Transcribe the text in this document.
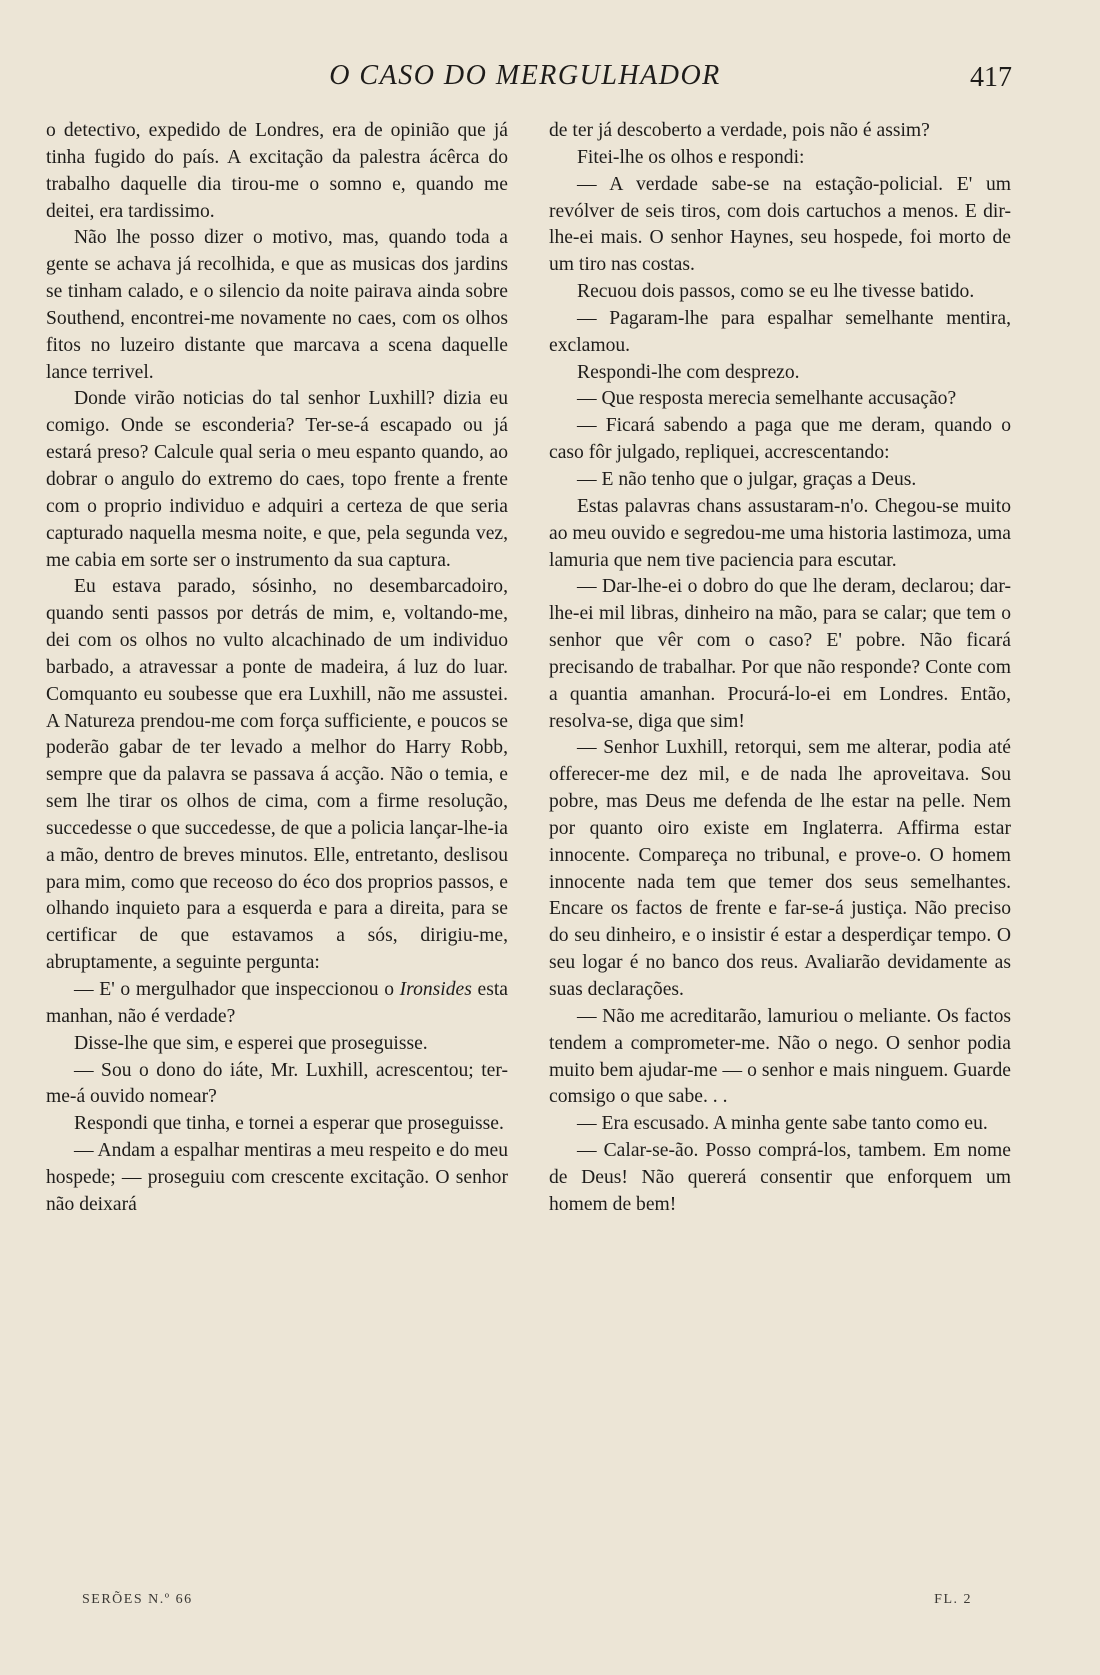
O CASO DO MERGULHADOR	417

o detectivo, expedido de Londres, era de opinião que já tinha fugido do país. A excitação da palestra ácêrca do trabalho daquelle dia tirou-me o somno e, quando me deitei, era tardissimo.

Não lhe posso dizer o motivo, mas, quando toda a gente se achava já recolhida, e que as musicas dos jardins se tinham calado, e o silencio da noite pairava ainda sobre Southend, encontrei-me novamente no caes, com os olhos fitos no luzeiro distante que marcava a scena daquelle lance terrivel.

Donde virão noticias do tal senhor Luxhill? dizia eu comigo. Onde se esconderia? Ter-se-á escapado ou já estará preso? Calcule qual seria o meu espanto quando, ao dobrar o angulo do extremo do caes, topo frente a frente com o proprio individuo e adquiri a certeza de que seria capturado naquella mesma noite, e que, pela segunda vez, me cabia em sorte ser o instrumento da sua captura.

Eu estava parado, sósinho, no desembarcadoiro, quando senti passos por detrás de mim, e, voltando-me, dei com os olhos no vulto alcachinado de um individuo barbado, a atravessar a ponte de madeira, á luz do luar. Comquanto eu soubesse que era Luxhill, não me assustei. A Natureza prendou-me com força sufficiente, e poucos se poderão gabar de ter levado a melhor do Harry Robb, sempre que da palavra se passava á acção. Não o temia, e sem lhe tirar os olhos de cima, com a firme resolução, succedesse o que succedesse, de que a policia lançar-lhe-ia a mão, dentro de breves minutos. Elle, entretanto, deslisou para mim, como que receoso do éco dos proprios passos, e olhando inquieto para a esquerda e para a direita, para se certificar de que estavamos a sós, dirigiu-me, abruptamente, a seguinte pergunta:

— E' o mergulhador que inspeccionou o Ironsides esta manhan, não é verdade?

Disse-lhe que sim, e esperei que proseguisse.

— Sou o dono do iáte, Mr. Luxhill, acrescentou; ter-me-á ouvido nomear?

Respondi que tinha, e tornei a esperar que proseguisse.

— Andam a espalhar mentiras a meu respeito e do meu hospede; — proseguiu com crescente excitação. O senhor não deixará

de ter já descoberto a verdade, pois não é assim?

Fitei-lhe os olhos e respondi:

— A verdade sabe-se na estação-policial. E' um revólver de seis tiros, com dois cartuchos a menos. E dir-lhe-ei mais. O senhor Haynes, seu hospede, foi morto de um tiro nas costas.

Recuou dois passos, como se eu lhe tivesse batido.

— Pagaram-lhe para espalhar semelhante mentira, exclamou.

Respondi-lhe com desprezo.

— Que resposta merecia semelhante accusação?

— Ficará sabendo a paga que me deram, quando o caso fôr julgado, repliquei, accrescentando:

— E não tenho que o julgar, graças a Deus.

Estas palavras chans assustaram-n'o. Chegou-se muito ao meu ouvido e segredou-me uma historia lastimoza, uma lamuria que nem tive paciencia para escutar.

— Dar-lhe-ei o dobro do que lhe deram, declarou; dar-lhe-ei mil libras, dinheiro na mão, para se calar; que tem o senhor que vêr com o caso? E' pobre. Não ficará precisando de trabalhar. Por que não responde? Conte com a quantia amanhan. Procurá-lo-ei em Londres. Então, resolva-se, diga que sim!

— Senhor Luxhill, retorqui, sem me alterar, podia até offerecer-me dez mil, e de nada lhe aproveitava. Sou pobre, mas Deus me defenda de lhe estar na pelle. Nem por quanto oiro existe em Inglaterra. Affirma estar innocente. Compareça no tribunal, e prove-o. O homem innocente nada tem que temer dos seus semelhantes. Encare os factos de frente e far-se-á justiça. Não preciso do seu dinheiro, e o insistir é estar a desperdiçar tempo. O seu logar é no banco dos reus. Avaliarão devidamente as suas declarações.

— Não me acreditarão, lamuriou o meliante. Os factos tendem a comprometer-me. Não o nego. O senhor podia muito bem ajudar-me — o senhor e mais ninguem. Guarde comsigo o que sabe. . .

— Era escusado. A minha gente sabe tanto como eu.

— Calar-se-ão. Posso comprá-los, tambem. Em nome de Deus! Não quererá consentir que enforquem um homem de bem!

SERÕES N.º 66	FL. 2
